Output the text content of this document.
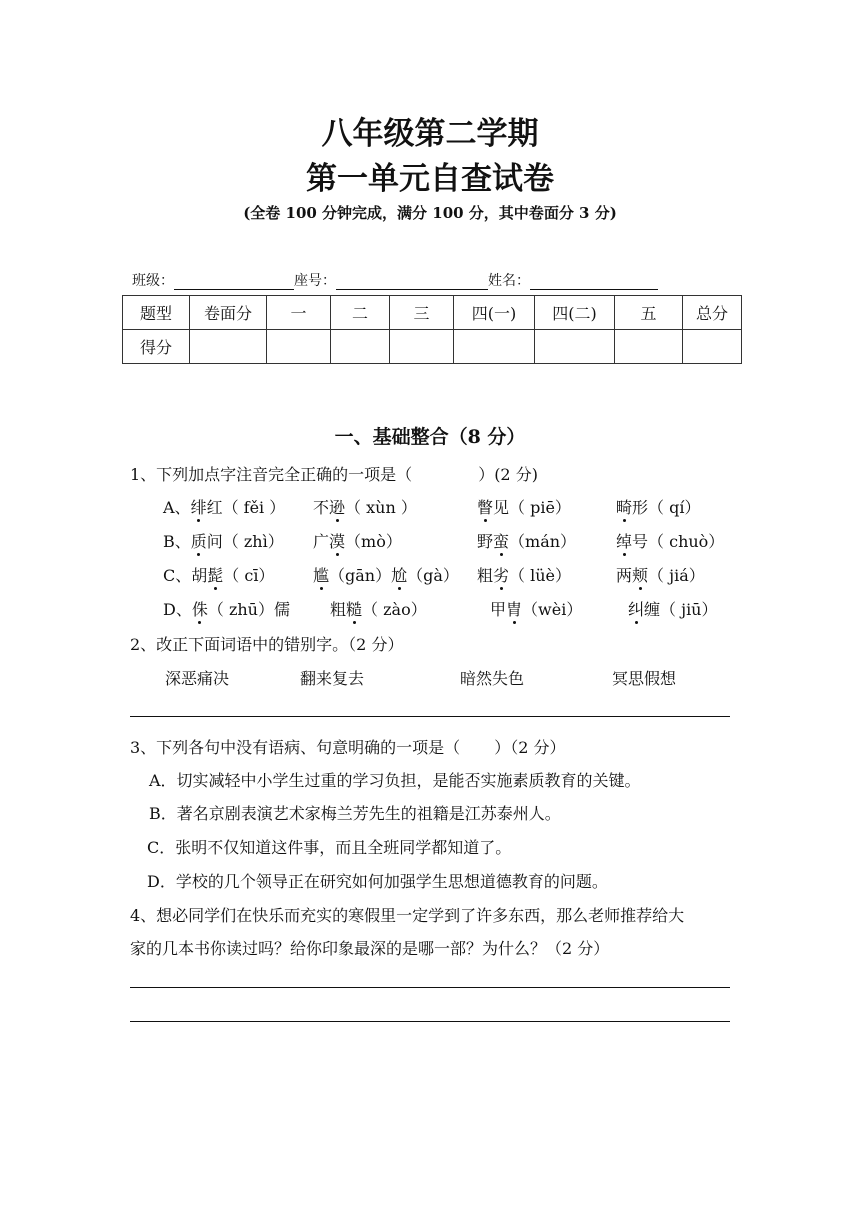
八年级第二学期
第一单元自查试卷
(全卷 100 分钟完成，满分 100 分，其中卷面分 3 分)
班级：	座号：	姓名：
题型	卷面分	一	二	三	四(一)	四(二)	五	总分
得分								
一、基础整合（8 分）
1、下列加点字注音完全正确的一项是（	）(2 分)
A、绯红（ fěi ） 不逊（ xùn ）	瞥见（ piē）	畸形（ qí）
B、质问（ zhì） 广漠（mò）	野蛮（mán） 绰号（ chuò）
C、胡髭（ cī） 尴（gān）尬（gà） 粗劣（ lüè）	两颊（ jiá）
D、侏（ zhū）儒	粗糙（ zào）	甲胄（wèi）	纠缠（ jiū）
2、改正下面词语中的错别字。（2 分）
深恶痛决	翻来复去	暗然失色	冥思假想
3、下列各句中没有语病、句意明确的一项是（ ）（2 分）
A．切实减轻中小学生过重的学习负担，是能否实施素质教育的关键。
B．著名京剧表演艺术家梅兰芳先生的祖籍是江苏泰州人。
C．张明不仅知道这件事，而且全班同学都知道了。
D．学校的几个领导正在研究如何加强学生思想道德教育的问题。
4、想必同学们在快乐而充实的寒假里一定学到了许多东西，那么老师推荐给大
家的几本书你读过吗？给你印象最深的是哪一部？为什么？（2 分）
